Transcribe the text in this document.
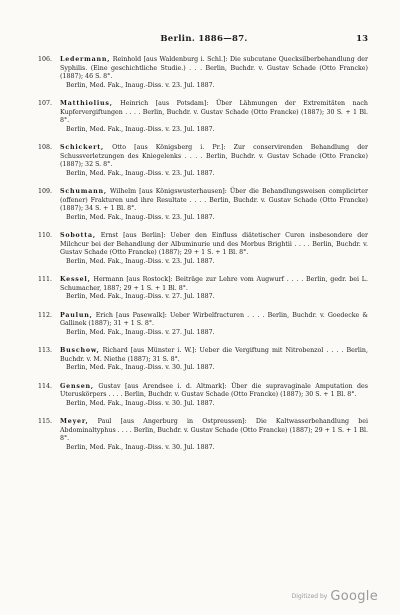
Berlin. 1886—87.	13
106. Ledermann, Reinhold [aus Waldenburg i. Schl.]: Die subcutane Quecksilberbehandlung der Syphilis. (Eine geschichtliche Studie.) . . . Berlin, Buchdr. v. Gustav Schade (Otto Francke) (1887); 46 S. 8°.
Berlin, Med. Fak., Inaug.-Diss. v. 23. Jul. 1887.
107. Matthiolius, Heinrich [aus Potsdam]: Über Lähmungen der Extremitäten nach Kupfervergiftungen . . . . Berlin, Buchdr. v. Gustav Schade (Otto Francke) (1887); 30 S. + 1 Bl. 8°.
Berlin, Med. Fak., Inaug.-Diss. v. 23. Jul. 1887.
108. Schickert, Otto [aus Königsberg i. Pr.]: Zur conservirenden Behandlung der Schussverletzungen des Kniegelenks . . . . Berlin, Buchdr. v. Gustav Schade (Otto Francke) (1887); 32 S. 8°.
Berlin, Med. Fak., Inaug.-Diss. v. 23. Jul. 1887.
109. Schumann, Wilhelm [aus Königswusterhausen]: Über die Behandlungsweisen complicirter (offener) Frakturen und ihre Resultate . . . . Berlin, Buchdr. v. Gustav Schade (Otto Francke) (1887); 34 S. + 1 Bl. 8°.
Berlin, Med. Fak., Inaug.-Diss. v. 23. Jul. 1887.
110. Sobotta, Ernst [aus Berlin]: Ueber den Einfluss diätetischer Curen insbesondere der Milchcur bei der Behandlung der Albuminurie und des Morbus Brightii . . . . Berlin, Buchdr. v. Gustav Schade (Otto Francke) (1887); 29 + 1 S. + 1 Bl. 8°.
Berlin, Med. Fak., Inaug.-Diss. v. 23. Jul. 1887.
111. Kessel, Hermann [aus Rostock]: Beiträge zur Lehre vom Augwurf . . . . Berlin, gedr. bei L. Schumacher, 1887; 29 + 1 S. + 1 Bl. 8°.
Berlin, Med. Fak., Inaug.-Diss. v. 27. Jul. 1887.
112. Paulun, Erich [aus Pasewalk]: Ueber Wirbelfracturen . . . . Berlin, Buchdr. v. Goedecke & Gallinek (1887); 31 + 1 S. 8°.
Berlin, Med. Fak., Inaug.-Diss. v. 27. Jul. 1887.
113. Buschow, Richard [aus Münster i. W.]: Ueber die Vergiftung mit Nitrobenzol . . . . Berlin, Buchdr. v. M. Niethe (1887); 31 S. 8°.
Berlin, Med. Fak., Inaug.-Diss. v. 30. Jul. 1887.
114. Gensen, Gustav [aus Arendsee i. d. Altmark]: Über die supravaginale Amputation des Uteruskörpers . . . . Berlin, Buchdr. v. Gustav Schade (Otto Francke) (1887); 30 S. + 1 Bl. 8°.
Berlin, Med. Fak., Inaug.-Diss. v. 30. Jul. 1887.
115. Meyer, Paul [aus Angerburg in Ostpreussen]: Die Kaltwasserbehandlung bei Abdominaltyphus . . . . Berlin, Buchdr. v. Gustav Schade (Otto Francke) (1887); 29 + 1 S. + 1 Bl. 8°.
Berlin, Med. Fak., Inaug.-Diss. v. 30. Jul. 1887.
Digitized by Google
